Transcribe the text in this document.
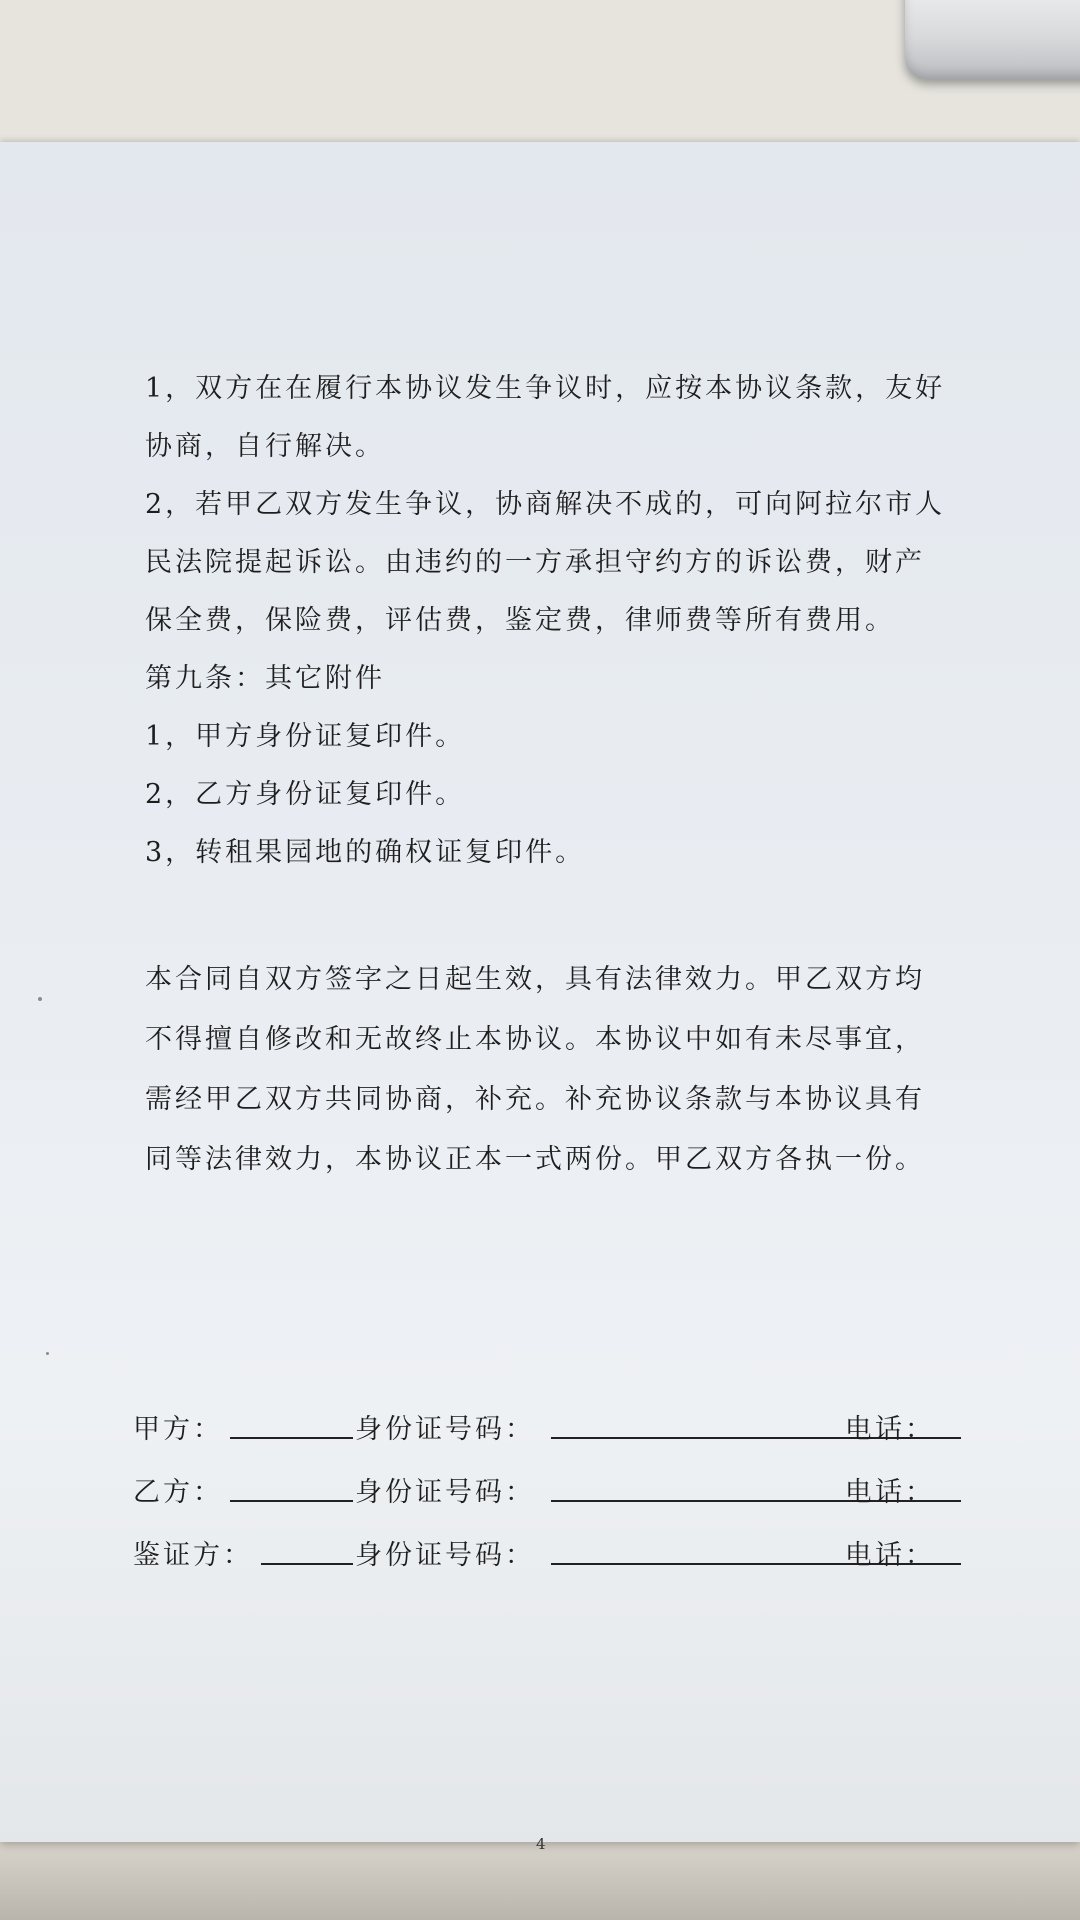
1，双方在在履行本协议发生争议时，应按本协议条款，友好
协商，自行解决。
2，若甲乙双方发生争议，协商解决不成的，可向阿拉尔市人
民法院提起诉讼。由违约的一方承担守约方的诉讼费，财产
保全费，保险费，评估费，鉴定费，律师费等所有费用。
第九条：其它附件
1，甲方身份证复印件。
2，乙方身份证复印件。
3，转租果园地的确权证复印件。
本合同自双方签字之日起生效，具有法律效力。甲乙双方均
不得擅自修改和无故终止本协议。本协议中如有未尽事宜，
需经甲乙双方共同协商，补充。补充协议条款与本协议具有
同等法律效力，本协议正本一式两份。甲乙双方各执一份。
甲方：	身份证号码：	电话：
乙方：	身份证号码：	电话：
鉴证方：	身份证号码：	电话：
4
